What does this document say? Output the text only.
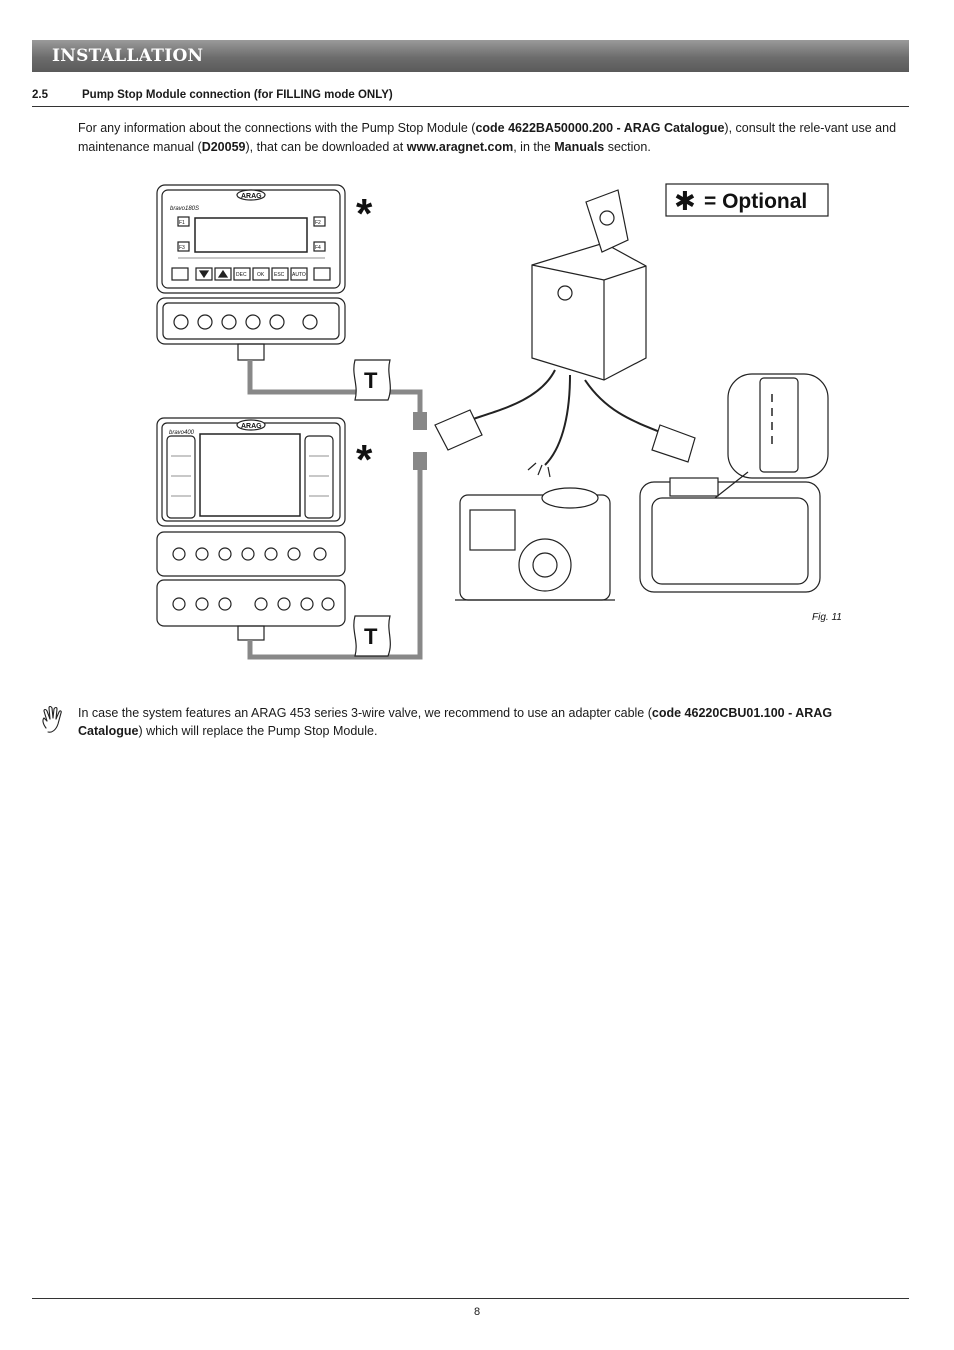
INSTALLATION
2.5	Pump Stop Module connection (for FILLING mode ONLY)
For any information about the connections with the Pump Stop Module (code 4622BA50000.200 - ARAG Catalogue), consult the rele-vant use and maintenance manual (D20059), that can be downloaded at www.aragnet.com, in the Manuals section.
✱ = Optional
*
*
T
T
ARAG
ARAG
bravo180S
bravo400
F1	F2
F3	F4
DEC OK ESC AUTO
Fig. 11
In case the system features an ARAG 453 series 3-wire valve, we recommend to use an adapter cable (code 46220CBU01.100 - ARAG Catalogue) which will replace the Pump Stop Module.
8
